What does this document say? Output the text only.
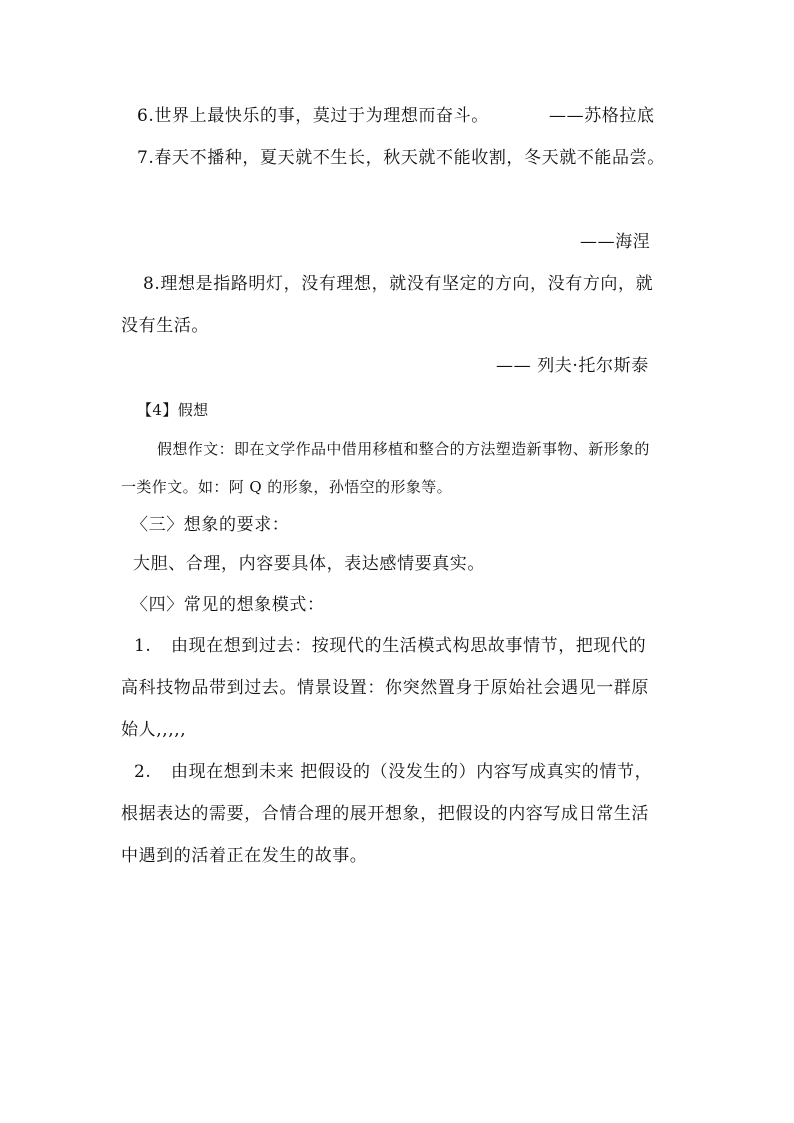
6.世界上最快乐的事，莫过于为理想而奋斗。	——苏格拉底
7.春天不播种，夏天就不生长，秋天就不能收割，冬天就不能品尝。
——海涅
8.理想是指路明灯，没有理想，就没有坚定的方向，没有方向，就
没有生活。
—— 列夫·托尔斯泰
【4】假想
假想作文：即在文学作品中借用移植和整合的方法塑造新事物、新形象的
一类作文。如：阿 Q 的形象，孙悟空的形象等。
〈三〉想象的要求：
大胆、合理，内容要具体，表达感情要真实。
〈四〉常见的想象模式：
1. 由现在想到过去：按现代的生活模式构思故事情节，把现代的
高科技物品带到过去。情景设置：你突然置身于原始社会遇见一群原
始人,,,,,
2. 由现在想到未来 把假设的（没发生的）内容写成真实的情节，
根据表达的需要，合情合理的展开想象，把假设的内容写成日常生活
中遇到的活着正在发生的故事。
